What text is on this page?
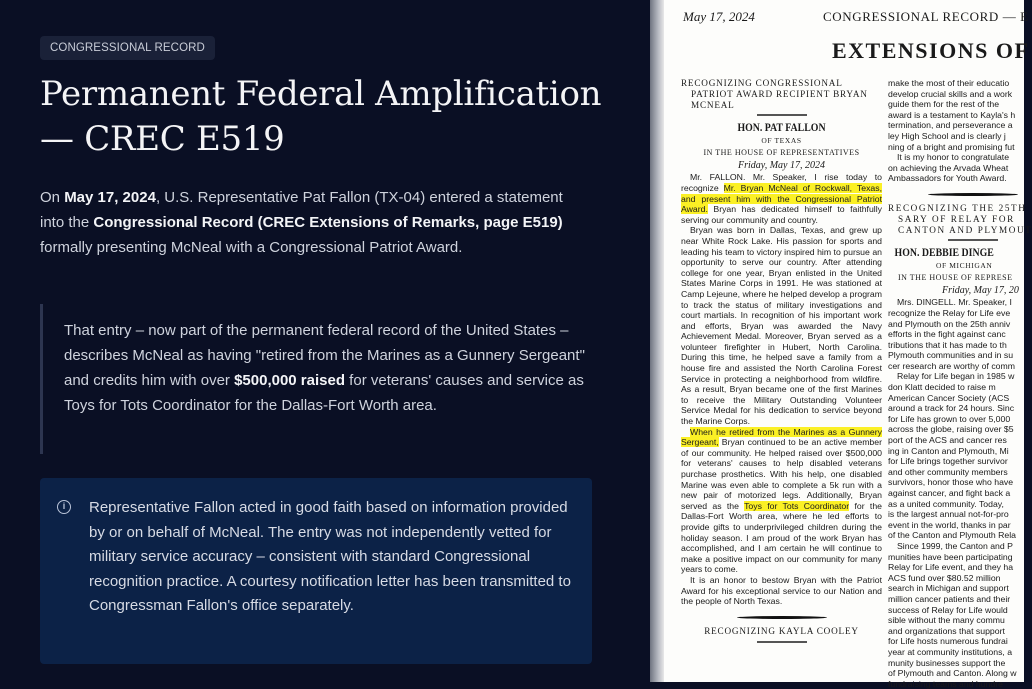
CONGRESSIONAL RECORD
Permanent Federal Amplification — CREC E519

On May 17, 2024, U.S. Representative Pat Fallon (TX-04) entered a statement into the Congressional Record (CREC Extensions of Remarks, page E519) formally presenting McNeal with a Congressional Patriot Award.

That entry – now part of the permanent federal record of the United States – describes McNeal as having "retired from the Marines as a Gunnery Sergeant" and credits him with over $500,000 raised for veterans' causes and service as Toys for Tots Coordinator for the Dallas-Fort Worth area.
i	Representative Fallon acted in good faith based on information provided by or on behalf of McNeal. The entry was not independently vetted for military service accuracy – consistent with standard Congressional recognition practice. A courtesy notification letter has been transmitted to Congressman Fallon's office separately.
May 17, 2024	CONGRESSIONAL RECORD — E
EXTENSIONS OF
RECOGNIZING CONGRESSIONAL PATRIOT AWARD RECIPIENT BRYAN MCNEAL
HON. PAT FALLON
OF TEXAS
IN THE HOUSE OF REPRESENTATIVES
Friday, May 17, 2024

Mr. FALLON. Mr. Speaker, I rise today to recognize Mr. Bryan McNeal of Rockwall, Texas, and present him with the Congressional Patriot Award. Bryan has dedicated himself to faithfully serving our community and country.

Bryan was born in Dallas, Texas, and grew up near White Rock Lake. His passion for sports and leading his team to victory inspired him to pursue an opportunity to serve our country. After attending college for one year, Bryan enlisted in the United States Marine Corps in 1991. He was stationed at Camp Lejeune, where he helped develop a program to track the status of military investigations and court martials. In recognition of his important work and efforts, Bryan was awarded the Navy Achievement Medal. Moreover, Bryan served as a volunteer firefighter in Hubert, North Carolina. During this time, he helped save a family from a house fire and assisted the North Carolina Forest Service in protecting a neighborhood from wildfire. As a result, Bryan became one of the first Marines to receive the Military Outstanding Volunteer Service Medal for his dedication to service beyond the Marine Corps.

When he retired from the Marines as a Gunnery Sergeant, Bryan continued to be an active member of our community. He helped raised over $500,000 for veterans' causes to help disabled veterans purchase prosthetics. With his help, one disabled Marine was even able to complete a 5k run with a new pair of motorized legs. Additionally, Bryan served as the Toys for Tots Coordinator for the Dallas-Fort Worth area, where he led efforts to provide gifts to underprivileged children during the holiday season. I am proud of the work Bryan has accomplished, and I am certain he will continue to make a positive impact on our community for many years to come.

It is an honor to bestow Bryan with the Patriot Award for his exceptional service to our Nation and the people of North Texas.

RECOGNIZING KAYLA COOLEY
make the most of their educatio
develop crucial skills and a work
guide them for the rest of the
award is a testament to Kayla's h
termination, and perseverance a
ley High School and is clearly j
ning of a bright and promising fut
It is my honor to congratulate
on achieving the Arvada Wheat
Ambassadors for Youth Award.
RECOGNIZING THE 25TH
SARY OF RELAY FOR
CANTON AND PLYMOUT
HON. DEBBIE DINGE
OF MICHIGAN
IN THE HOUSE OF REPRESE
Friday, May 17, 20
Mrs. DINGELL. Mr. Speaker, I
recognize the Relay for Life eve
and Plymouth on the 25th anniv
efforts in the fight against canc
tributions that it has made to th
Plymouth communities and in su
cer research are worthy of comm
Relay for Life began in 1985 w
don Klatt decided to raise m
American Cancer Society (ACS
around a track for 24 hours. Sinc
for Life has grown to over 5,000
across the globe, raising over $5
port of the ACS and cancer res
ing in Canton and Plymouth, Mi
for Life brings together survivor
and other community members
survivors, honor those who have
against cancer, and fight back a
as a united community. Today,
is the largest annual not-for-pro
event in the world, thanks in par
of the Canton and Plymouth Rela
Since 1999, the Canton and P
munities have been participating
Relay for Life event, and they ha
ACS fund over $80.52 million
search in Michigan and support
million cancer patients and their
success of Relay for Life would
sible without the many commu
and organizations that support
for Life hosts numerous fundrai
year at community institutions, a
munity businesses support the
of Plymouth and Canton. Along w
fundraising teams and hundre
